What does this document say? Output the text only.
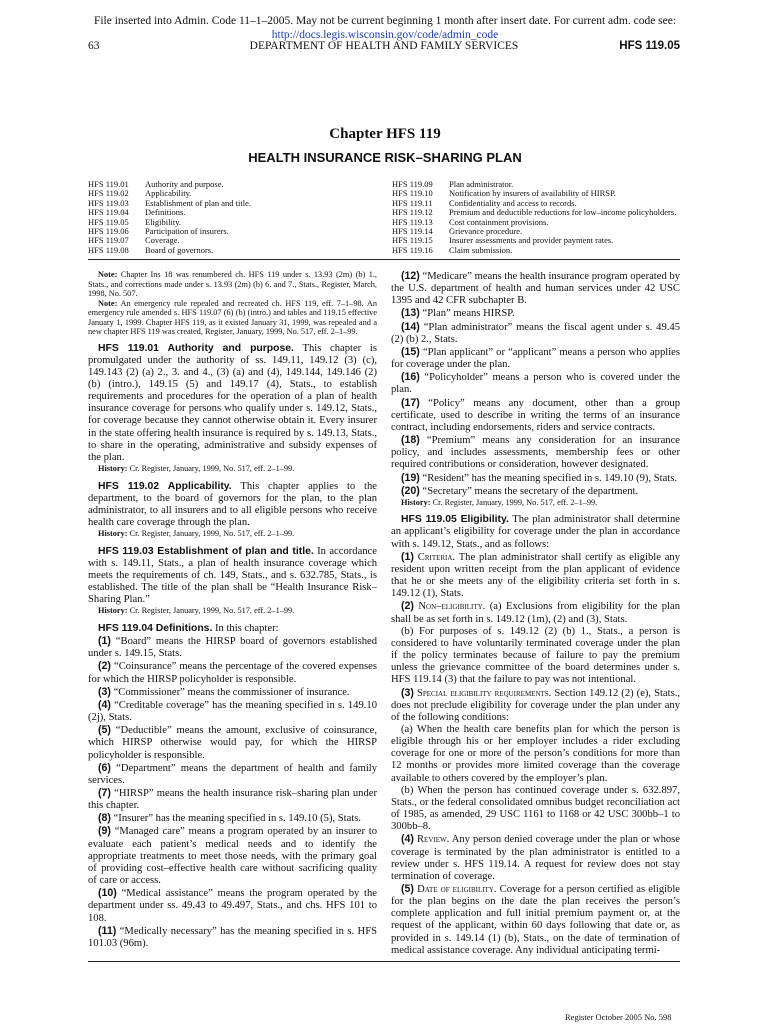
File inserted into Admin. Code 11–1–2005. May not be current beginning 1 month after insert date. For current adm. code see:
http://docs.legis.wisconsin.gov/code/admin_code
63	DEPARTMENT OF HEALTH AND FAMILY SERVICES	HFS 119.05
Chapter HFS 119
HEALTH INSURANCE RISK–SHARING PLAN
HFS 119.01	Authority and purpose.
HFS 119.02	Applicability.
HFS 119.03	Establishment of plan and title.
HFS 119.04	Definitions.
HFS 119.05	Eligibility.
HFS 119.06	Participation of insurers.
HFS 119.07	Coverage.
HFS 119.08	Board of governors.
HFS 119.09	Plan administrator.
HFS 119.10	Notification by insurers of availability of HIRSP.
HFS 119.11	Confidentiality and access to records.
HFS 119.12	Premium and deductible reductions for low–income policyholders.
HFS 119.13	Cost containment provisions.
HFS 119.14	Grievance procedure.
HFS 119.15	Insurer assessments and provider payment rates.
HFS 119.16	Claim submission.

Note: Chapter Ins 18 was renumbered ch. HFS 119 under s. 13.93 (2m) (b) 1., Stats., and corrections made under s. 13.93 (2m) (b) 6. and 7., Stats., Register, March, 1998, No. 507.

Note: An emergency rule repealed and recreated ch. HFS 119, eff. 7–1–98. An emergency rule amended s. HFS 119.07 (6) (b) (intro.) and tables and 119.15 effective January 1, 1999. Chapter HFS 119, as it existed January 31, 1999, was repealed and a new chapter HFS 119 was created, Register, January, 1999, No. 517, eff. 2–1–99.

HFS 119.01 Authority and purpose. This chapter is promulgated under the authority of ss. 149.11, 149.12 (3) (c), 149.143 (2) (a) 2., 3. and 4., (3) (a) and (4), 149.144, 149.146 (2) (b) (intro.), 149.15 (5) and 149.17 (4), Stats., to establish requirements and procedures for the operation of a plan of health insurance coverage for persons who qualify under s. 149.12, Stats., for coverage because they cannot otherwise obtain it. Every insurer in the state offering health insurance is required by s. 149.13, Stats., to share in the operating, administrative and subsidy expenses of the plan.

History: Cr. Register, January, 1999, No. 517, eff. 2–1–99.

HFS 119.02 Applicability. This chapter applies to the department, to the board of governors for the plan, to the plan administrator, to all insurers and to all eligible persons who receive health care coverage through the plan.

History: Cr. Register, January, 1999, No. 517, eff. 2–1–99.

HFS 119.03 Establishment of plan and title. In accordance with s. 149.11, Stats., a plan of health insurance coverage which meets the requirements of ch. 149, Stats., and s. 632.785, Stats., is established. The title of the plan shall be “Health Insurance Risk–Sharing Plan.”

History: Cr. Register, January, 1999, No. 517, eff. 2–1–99.

HFS 119.04 Definitions. In this chapter:

(1) “Board” means the HIRSP board of governors established under s. 149.15, Stats.

(2) “Coinsurance” means the percentage of the covered expenses for which the HIRSP policyholder is responsible.

(3) “Commissioner” means the commissioner of insurance.

(4) “Creditable coverage” has the meaning specified in s. 149.10 (2j), Stats.

(5) “Deductible” means the amount, exclusive of coinsurance, which HIRSP otherwise would pay, for which the HIRSP policyholder is responsible.

(6) “Department” means the department of health and family services.

(7) “HIRSP” means the health insurance risk–sharing plan under this chapter.

(8) “Insurer” has the meaning specified in s. 149.10 (5), Stats.

(9) “Managed care” means a program operated by an insurer to evaluate each patient’s medical needs and to identify the appropriate treatments to meet those needs, with the primary goal of providing cost–effective health care without sacrificing quality of care or access.

(10) “Medical assistance” means the program operated by the department under ss. 49.43 to 49.497, Stats., and chs. HFS 101 to 108.

(11) “Medically necessary” has the meaning specified in s. HFS 101.03 (96m).

(12) “Medicare” means the health insurance program operated by the U.S. department of health and human services under 42 USC 1395 and 42 CFR subchapter B.

(13) “Plan” means HIRSP.

(14) “Plan administrator” means the fiscal agent under s. 49.45 (2) (b) 2., Stats.

(15) “Plan applicant” or “applicant” means a person who applies for coverage under the plan.

(16) “Policyholder” means a person who is covered under the plan.

(17) “Policy” means any document, other than a group certificate, used to describe in writing the terms of an insurance contract, including endorsements, riders and service contracts.

(18) “Premium” means any consideration for an insurance policy, and includes assessments, membership fees or other required contributions or consideration, however designated.

(19) “Resident” has the meaning specified in s. 149.10 (9), Stats.

(20) “Secretary” means the secretary of the department.

History: Cr. Register, January, 1999, No. 517, eff. 2–1–99.

HFS 119.05 Eligibility. The plan administrator shall determine an applicant’s eligibility for coverage under the plan in accordance with s. 149.12, Stats., and as follows:

(1) Criteria. The plan administrator shall certify as eligible any resident upon written receipt from the plan applicant of evidence that he or she meets any of the eligibility criteria set forth in s. 149.12 (1), Stats.

(2) Non–eligibility. (a) Exclusions from eligibility for the plan shall be as set forth in s. 149.12 (1m), (2) and (3), Stats.

(b) For purposes of s. 149.12 (2) (b) 1., Stats., a person is considered to have voluntarily terminated coverage under the plan if the policy terminates because of failure to pay the premium unless the grievance committee of the board determines under s. HFS 119.14 (3) that the failure to pay was not intentional.

(3) Special eligibility requirements. Section 149.12 (2) (e), Stats., does not preclude eligibility for coverage under the plan under any of the following conditions:

(a) When the health care benefits plan for which the person is eligible through his or her employer includes a rider excluding coverage for one or more of the person’s conditions for more than 12 months or provides more limited coverage than the coverage available to others covered by the employer’s plan.

(b) When the person has continued coverage under s. 632.897, Stats., or the federal consolidated omnibus budget reconciliation act of 1985, as amended, 29 USC 1161 to 1168 or 42 USC 300bb–1 to 300bb–8.

(4) Review. Any person denied coverage under the plan or whose coverage is terminated by the plan administrator is entitled to a review under s. HFS 119.14. A request for review does not stay termination of coverage.

(5) Date of eligibility. Coverage for a person certified as eligible for the plan begins on the date the plan receives the person’s complete application and full initial premium payment or, at the request of the applicant, within 60 days following that date or, as provided in s. 149.14 (1) (b), Stats., on the date of termination of medical assistance coverage. Any individual anticipating termi-

Register October 2005 No. 598
